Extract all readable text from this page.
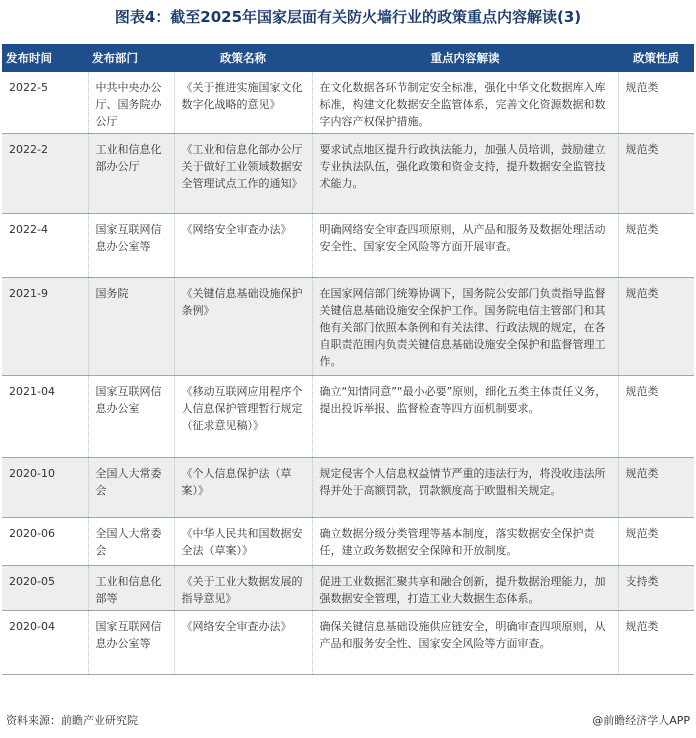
图表4：截至2025年国家层面有关防火墙行业的政策重点内容解读(3)
发布时间	发布部门	政策名称	重点内容解读	政策性质
2022-5	中共中央办公厅、国务院办公厅	《关于推进实施国家文化数字化战略的意见》	在文化数据各环节制定安全标准，强化中华文化数据库入库标准，构建文化数据安全监管体系，完善文化资源数据和数字内容产权保护措施。	规范类
2022-2	工业和信息化部办公厅	《工业和信息化部办公厅关于做好工业领域数据安全管理试点工作的通知》	要求试点地区提升行政执法能力，加强人员培训，鼓励建立专业执法队伍，强化政策和资金支持，提升数据安全监管技术能力。	规范类
2022-4	国家互联网信息办公室等	《网络安全审查办法》	明确网络安全审查四项原则，从产品和服务及数据处理活动安全性、国家安全风险等方面开展审查。	规范类
2021-9	国务院	《关键信息基础设施保护条例》	在国家网信部门统筹协调下，国务院公安部门负责指导监督关键信息基础设施安全保护工作。国务院电信主管部门和其他有关部门依照本条例和有关法律、行政法规的规定，在各自职责范围内负责关键信息基础设施安全保护和监督管理工作。	规范类
2021-04	国家互联网信息办公室	《移动互联网应用程序个人信息保护管理暂行规定（征求意见稿）》	确立“知情同意”“最小必要”原则，细化五类主体责任义务，提出投诉举报、监督检查等四方面机制要求。	规范类
2020-10	全国人大常委会	《个人信息保护法（草案）》	规定侵害个人信息权益情节严重的违法行为，将没收违法所得并处于高额罚款，罚款额度高于欧盟相关规定。	规范类
2020-06	全国人大常委会	《中华人民共和国数据安全法（草案）》	确立数据分级分类管理等基本制度，落实数据安全保护责任，建立政务数据安全保障和开放制度。	规范类
2020-05	工业和信息化部等	《关于工业大数据发展的指导意见》	促进工业数据汇聚共享和融合创新，提升数据治理能力，加强数据安全管理，打造工业大数据生态体系。	支持类
2020-04	国家互联网信息办公室等	《网络安全审查办法》	确保关键信息基础设施供应链安全，明确审查四项原则，从产品和服务安全性、国家安全风险等方面审查。	规范类
资料来源：前瞻产业研究院	@前瞻经济学人APP
